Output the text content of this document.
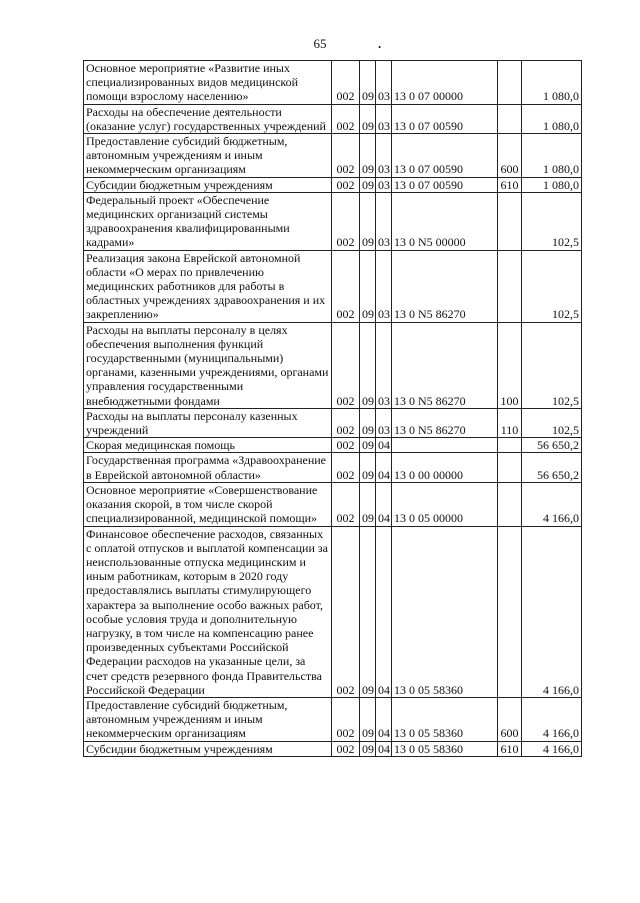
65	.
Основное мероприятие «Развитие иных специализированных видов медицинской помощи взрослому населению»	002	09	03	13 0 07 00000		1 080,0
Расходы на обеспечение деятельности (оказание услуг) государственных учреждений	002	09	03	13 0 07 00590		1 080,0
Предоставление субсидий бюджетным, автономным учреждениям и иным некоммерческим организациям	002	09	03	13 0 07 00590	600	1 080,0
Субсидии бюджетным учреждениям	002	09	03	13 0 07 00590	610	1 080,0
Федеральный проект «Обеспечение медицинских организаций системы здравоохранения квалифицированными кадрами»	002	09	03	13 0 N5 00000		102,5
Реализация закона Еврейской автономной области «О мерах по привлечению медицинских работников для работы в областных учреждениях здравоохранения и их закреплению»	002	09	03	13 0 N5 86270		102,5
Расходы на выплаты персоналу в целях обеспечения выполнения функций государственными (муниципальными) органами, казенными учреждениями, органами управления государственными внебюджетными фондами	002	09	03	13 0 N5 86270	100	102,5
Расходы на выплаты персоналу казенных учреждений	002	09	03	13 0 N5 86270	110	102,5
Скорая медицинская помощь	002	09	04			56 650,2
Государственная программа «Здравоохранение в Еврейской автономной области»	002	09	04	13 0 00 00000		56 650,2
Основное мероприятие «Совершенствование оказания скорой, в том числе скорой специализированной, медицинской помощи»	002	09	04	13 0 05 00000		4 166,0
Финансовое обеспечение расходов, связанных с оплатой отпусков и выплатой компенсации за неиспользованные отпуска медицинским и иным работникам, которым в 2020 году предоставлялись выплаты стимулирующего характера за выполнение особо важных работ, особые условия труда и дополнительную нагрузку, в том числе на компенсацию ранее произведенных субъектами Российской Федерации расходов на указанные цели, за счет средств резервного фонда Правительства Российской Федерации	002	09	04	13 0 05 58360		4 166,0
Предоставление субсидий бюджетным, автономным учреждениям и иным некоммерческим организациям	002	09	04	13 0 05 58360	600	4 166,0
Субсидии бюджетным учреждениям	002	09	04	13 0 05 58360	610	4 166,0
